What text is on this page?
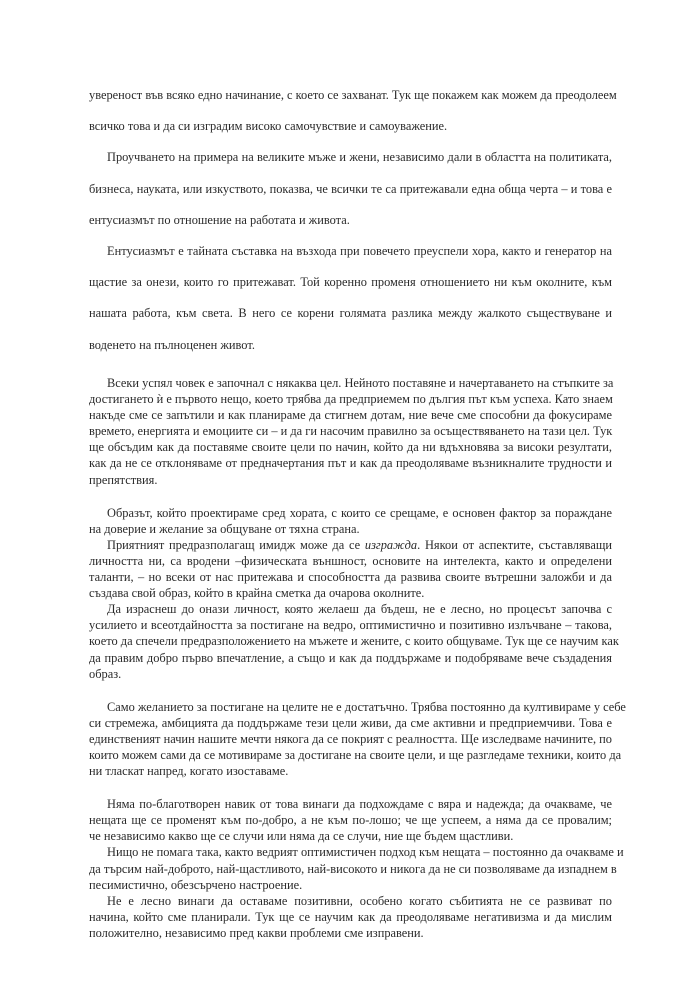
увереност във всяко едно начинание, с което се захванат. Тук ще покажем как можем да преодолеем
всичко това и да си изградим високо самочувствие и самоуважение.
Проучването на примера на великите мъже и жени, независимо дали в областта на политиката,
бизнеса, науката, или изкуството, показва, че всички те са притежавали една обща черта – и това е
ентусиазмът по отношение на работата и живота.
Ентусиазмът е тайната съставка на възхода при повечето преуспели хора, както и генератор на
щастие за онези, които го притежават. Той коренно променя отношението ни към околните, към
нашата работа, към света. В него се корени голямата разлика между жалкото съществуване и
воденето на пълноценен живот.
Всеки успял човек е започнал с някаква цел. Нейното поставяне и начертаването на стъпките за
достигането ѝ е първото нещо, което трябва да предприемем по дългия път към успеха. Като знаем
накъде сме се запътили и как планираме да стигнем дотам, ние вече сме способни да фокусираме
времето, енергията и емоциите си – и да ги насочим правилно за осъществяването на тази цел. Тук
ще обсъдим как да поставяме своите цели по начин, който да ни вдъхновява за високи резултати,
как да не се отклоняваме от предначертания път и как да преодоляваме възникналите трудности и
препятствия.
Образът, който проектираме сред хората, с които се срещаме, е основен фактор за пораждане
на доверие и желание за общуване от тяхна страна.
Приятният предразполагащ имидж може да се изгражда. Някои от аспектите, съставляващи
личността ни, са вродени –физическата външност, основите на интелекта, както и определени
таланти, – но всеки от нас притежава и способността да развива своите вътрешни заложби и да
създава свой образ, който в крайна сметка да очарова околните.
Да израснеш до онази личност, която желаеш да бъдеш, не е лесно, но процесът започва с
усилието и всеотдайността за постигане на ведро, оптимистично и позитивно излъчване – такова,
което да спечели предразположението на мъжете и жените, с които общуваме. Тук ще се научим как
да правим добро първо впечатление, а също и как да поддържаме и подобряваме вече създадения
образ.
Само желанието за постигане на целите не е достатъчно. Трябва постоянно да култивираме у себе
си стремежа, амбицията да поддържаме тези цели живи, да сме активни и предприемчиви. Това е
единственият начин нашите мечти някога да се покрият с реалността. Ще изследваме начините, по
които можем сами да се мотивираме за достигане на своите цели, и ще разгледаме техники, които да
ни тласкат напред, когато изоставаме.
Няма по-благотворен навик от това винаги да подхождаме с вяра и надежда; да очакваме, че
нещата ще се променят към по-добро, а не към по-лошо; че ще успеем, а няма да се провалим;
че независимо какво ще се случи или няма да се случи, ние ще бъдем щастливи.
Нищо не помага така, както ведрият оптимистичен подход към нещата – постоянно да очакваме и
да търсим най-доброто, най-щастливото, най-високото и никога да не си позволяваме да изпаднем в
песимистично, обезсърчено настроение.
Не е лесно винаги да оставаме позитивни, особено когато събитията не се развиват по
начина, който сме планирали. Тук ще се научим как да преодоляваме негативизма и да мислим
положително, независимо пред какви проблеми сме изправени.
